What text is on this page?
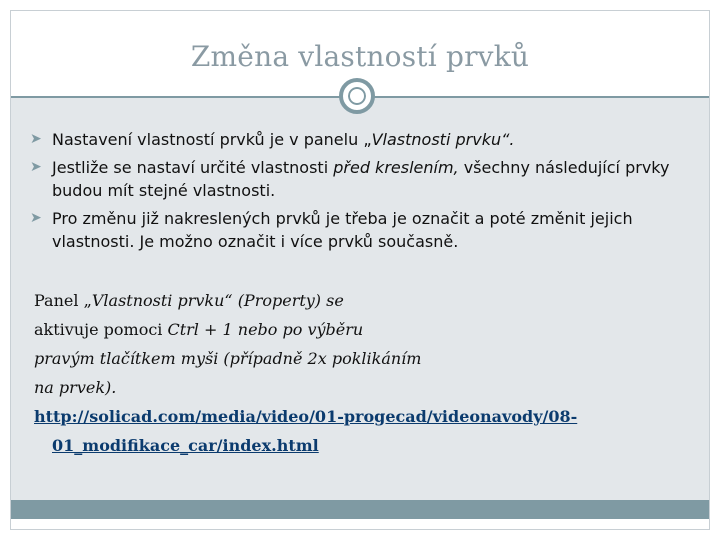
Změna vlastností prvků
➤ Nastavení vlastností prvků je v panelu „Vlastnosti prvku“.
➤ Jestliže se nastaví určité vlastnosti před kreslením, všechny následující prvky budou mít stejné vlastnosti.
➤ Pro změnu již nakreslených prvků je třeba je označit a poté změnit jejich vlastnosti. Je možno označit i více prvků současně.
Panel „Vlastnosti prvku“ (Property) se
aktivuje pomoci Ctrl + 1 nebo po výběru
pravým tlačítkem myši (případně 2x poklikáním
na prvek).
http://solicad.com/media/video/01-progecad/videonavody/08-
01_modifikace_car/index.html
